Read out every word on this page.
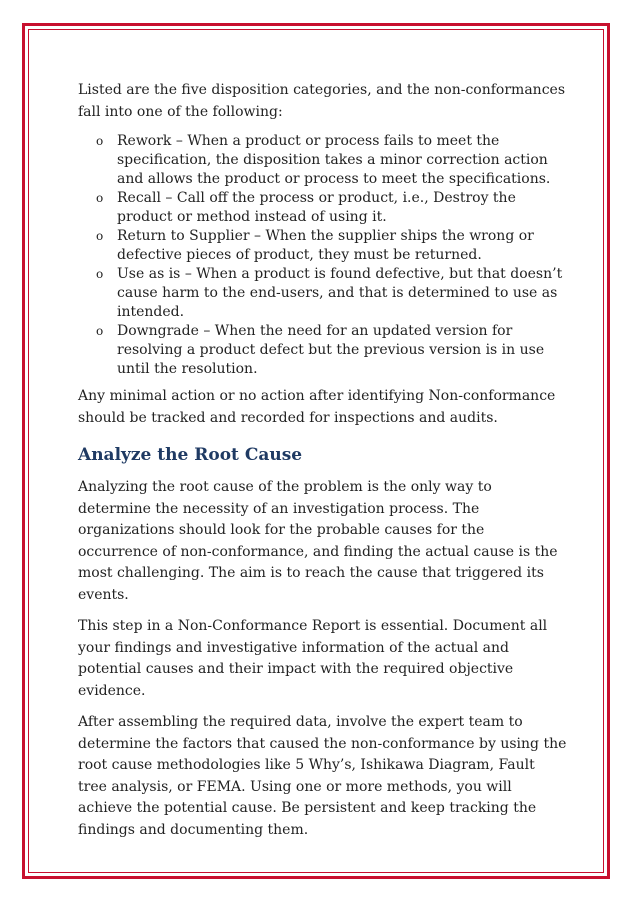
Listed are the five disposition categories, and the non-conformances fall into one of the following:

o Rework – When a product or process fails to meet the specification, the disposition takes a minor correction action and allows the product or process to meet the specifications.
o Recall – Call off the process or product, i.e., Destroy the product or method instead of using it.
o Return to Supplier – When the supplier ships the wrong or defective pieces of product, they must be returned.
o Use as is – When a product is found defective, but that doesn’t cause harm to the end-users, and that is determined to use as intended.
o Downgrade – When the need for an updated version for resolving a product defect but the previous version is in use until the resolution.

Any minimal action or no action after identifying Non-conformance should be tracked and recorded for inspections and audits.

Analyze the Root Cause

Analyzing the root cause of the problem is the only way to determine the necessity of an investigation process. The organizations should look for the probable causes for the occurrence of non-conformance, and finding the actual cause is the most challenging. The aim is to reach the cause that triggered its events.

This step in a Non-Conformance Report is essential. Document all your findings and investigative information of the actual and potential causes and their impact with the required objective evidence.

After assembling the required data, involve the expert team to determine the factors that caused the non-conformance by using the root cause methodologies like 5 Why’s, Ishikawa Diagram, Fault tree analysis, or FEMA. Using one or more methods, you will achieve the potential cause. Be persistent and keep tracking the findings and documenting them.
